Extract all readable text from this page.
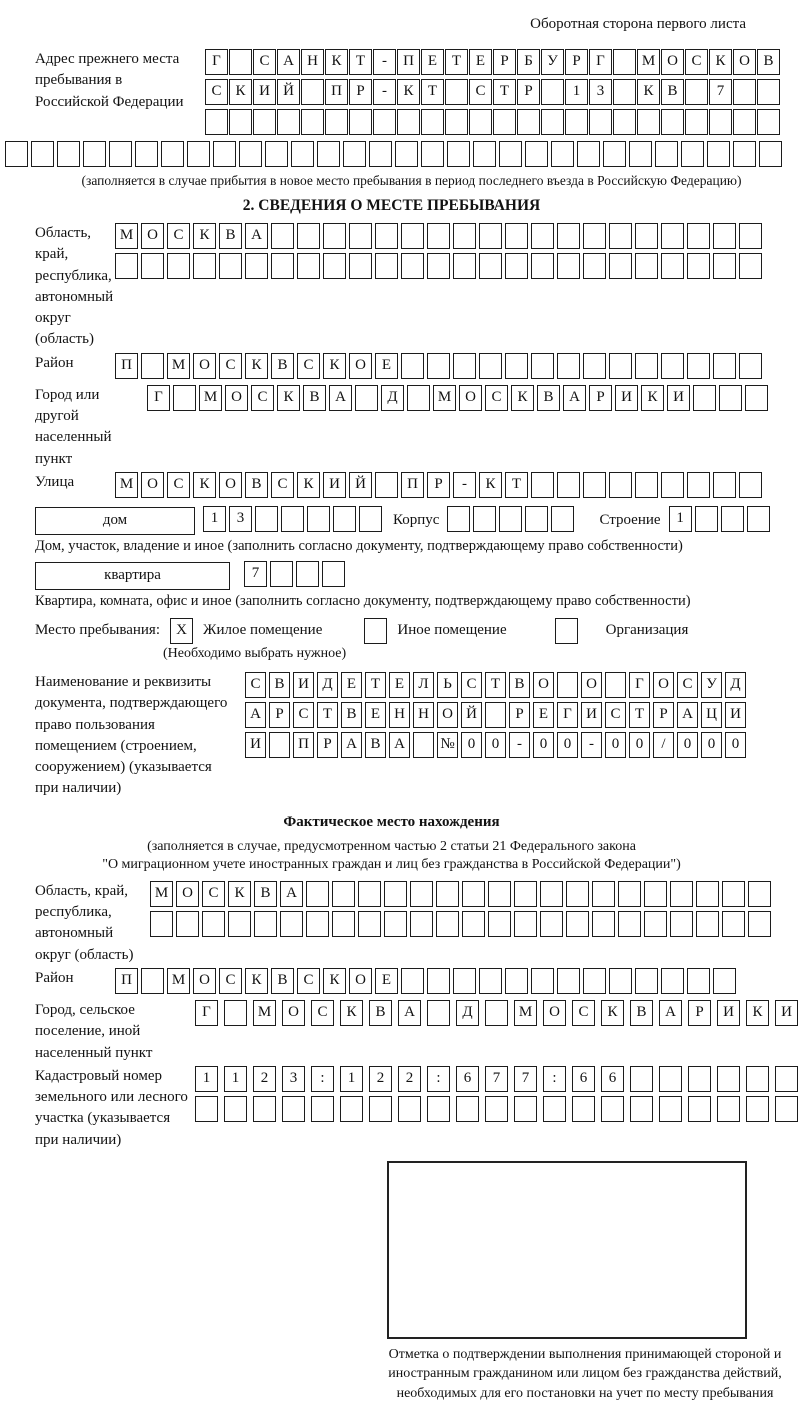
Оборотная сторона первого листа
Адрес прежнего места пребывания в Российской Федерации
Г	С А Н К Т - П Е Т Е Р Б У Р Г М О С К О В
С К И Й П Р - К Т	С Т Р	1 3	К В	7
(заполняется в случае прибытия в новое место пребывания в период последнего въезда в Российскую Федерацию)
2. СВЕДЕНИЯ О МЕСТЕ ПРЕБЫВАНИЯ
Область, край, республика, автономный округ (область)
М О С К В А
Район	П	М О С К В С К О Е
Город или другой населенный пункт
Г	М О С К В А	Д	М О С К В А Р И К И
Улица	М О С К О В С К И Й	П Р - К Т
дом	1 3	Корпус	Строение	1
Дом, участок, владение и иное (заполнить согласно документу, подтверждающему право собственности)
квартира	7
Квартира, комната, офис и иное (заполнить согласно документу, подтверждающему право собственности)
Место пребывания:	X	Жилое помещение	Иное помещение	Организация
(Необходимо выбрать нужное)
Наименование и реквизиты документа, подтверждающего право пользования помещением (строением, сооружением) (указывается при наличии)
С В И Д Е Т Е Л Ь С Т В О О	Г О С У Д
А Р С Т В Е Н Н О Й	Р Е Г И С Т Р А Ц И
И П Р А В А № 0 0 - 0 0 - 0 0 / 0 0 0
Фактическое место нахождения
(заполняется в случае, предусмотренном частью 2 статьи 21 Федерального закона
"О миграционном учете иностранных граждан и лиц без гражданства в Российской Федерации")
Область, край, республика, автономный округ (область)
М О С К В А
Район	П	М О С К В С К О Е
Город, сельское поселение, иной населенный пункт
Г	М О С К В А	Д	М О С К В А Р И К И
Кадастровый номер земельного или лесного участка (указывается при наличии)
1 1 2 3 : 1 2 2 : 6 7 7 : 6 6
Отметка о подтверждении выполнения принимающей стороной и иностранным гражданином или лицом без гражданства действий, необходимых для его постановки на учет по месту пребывания
